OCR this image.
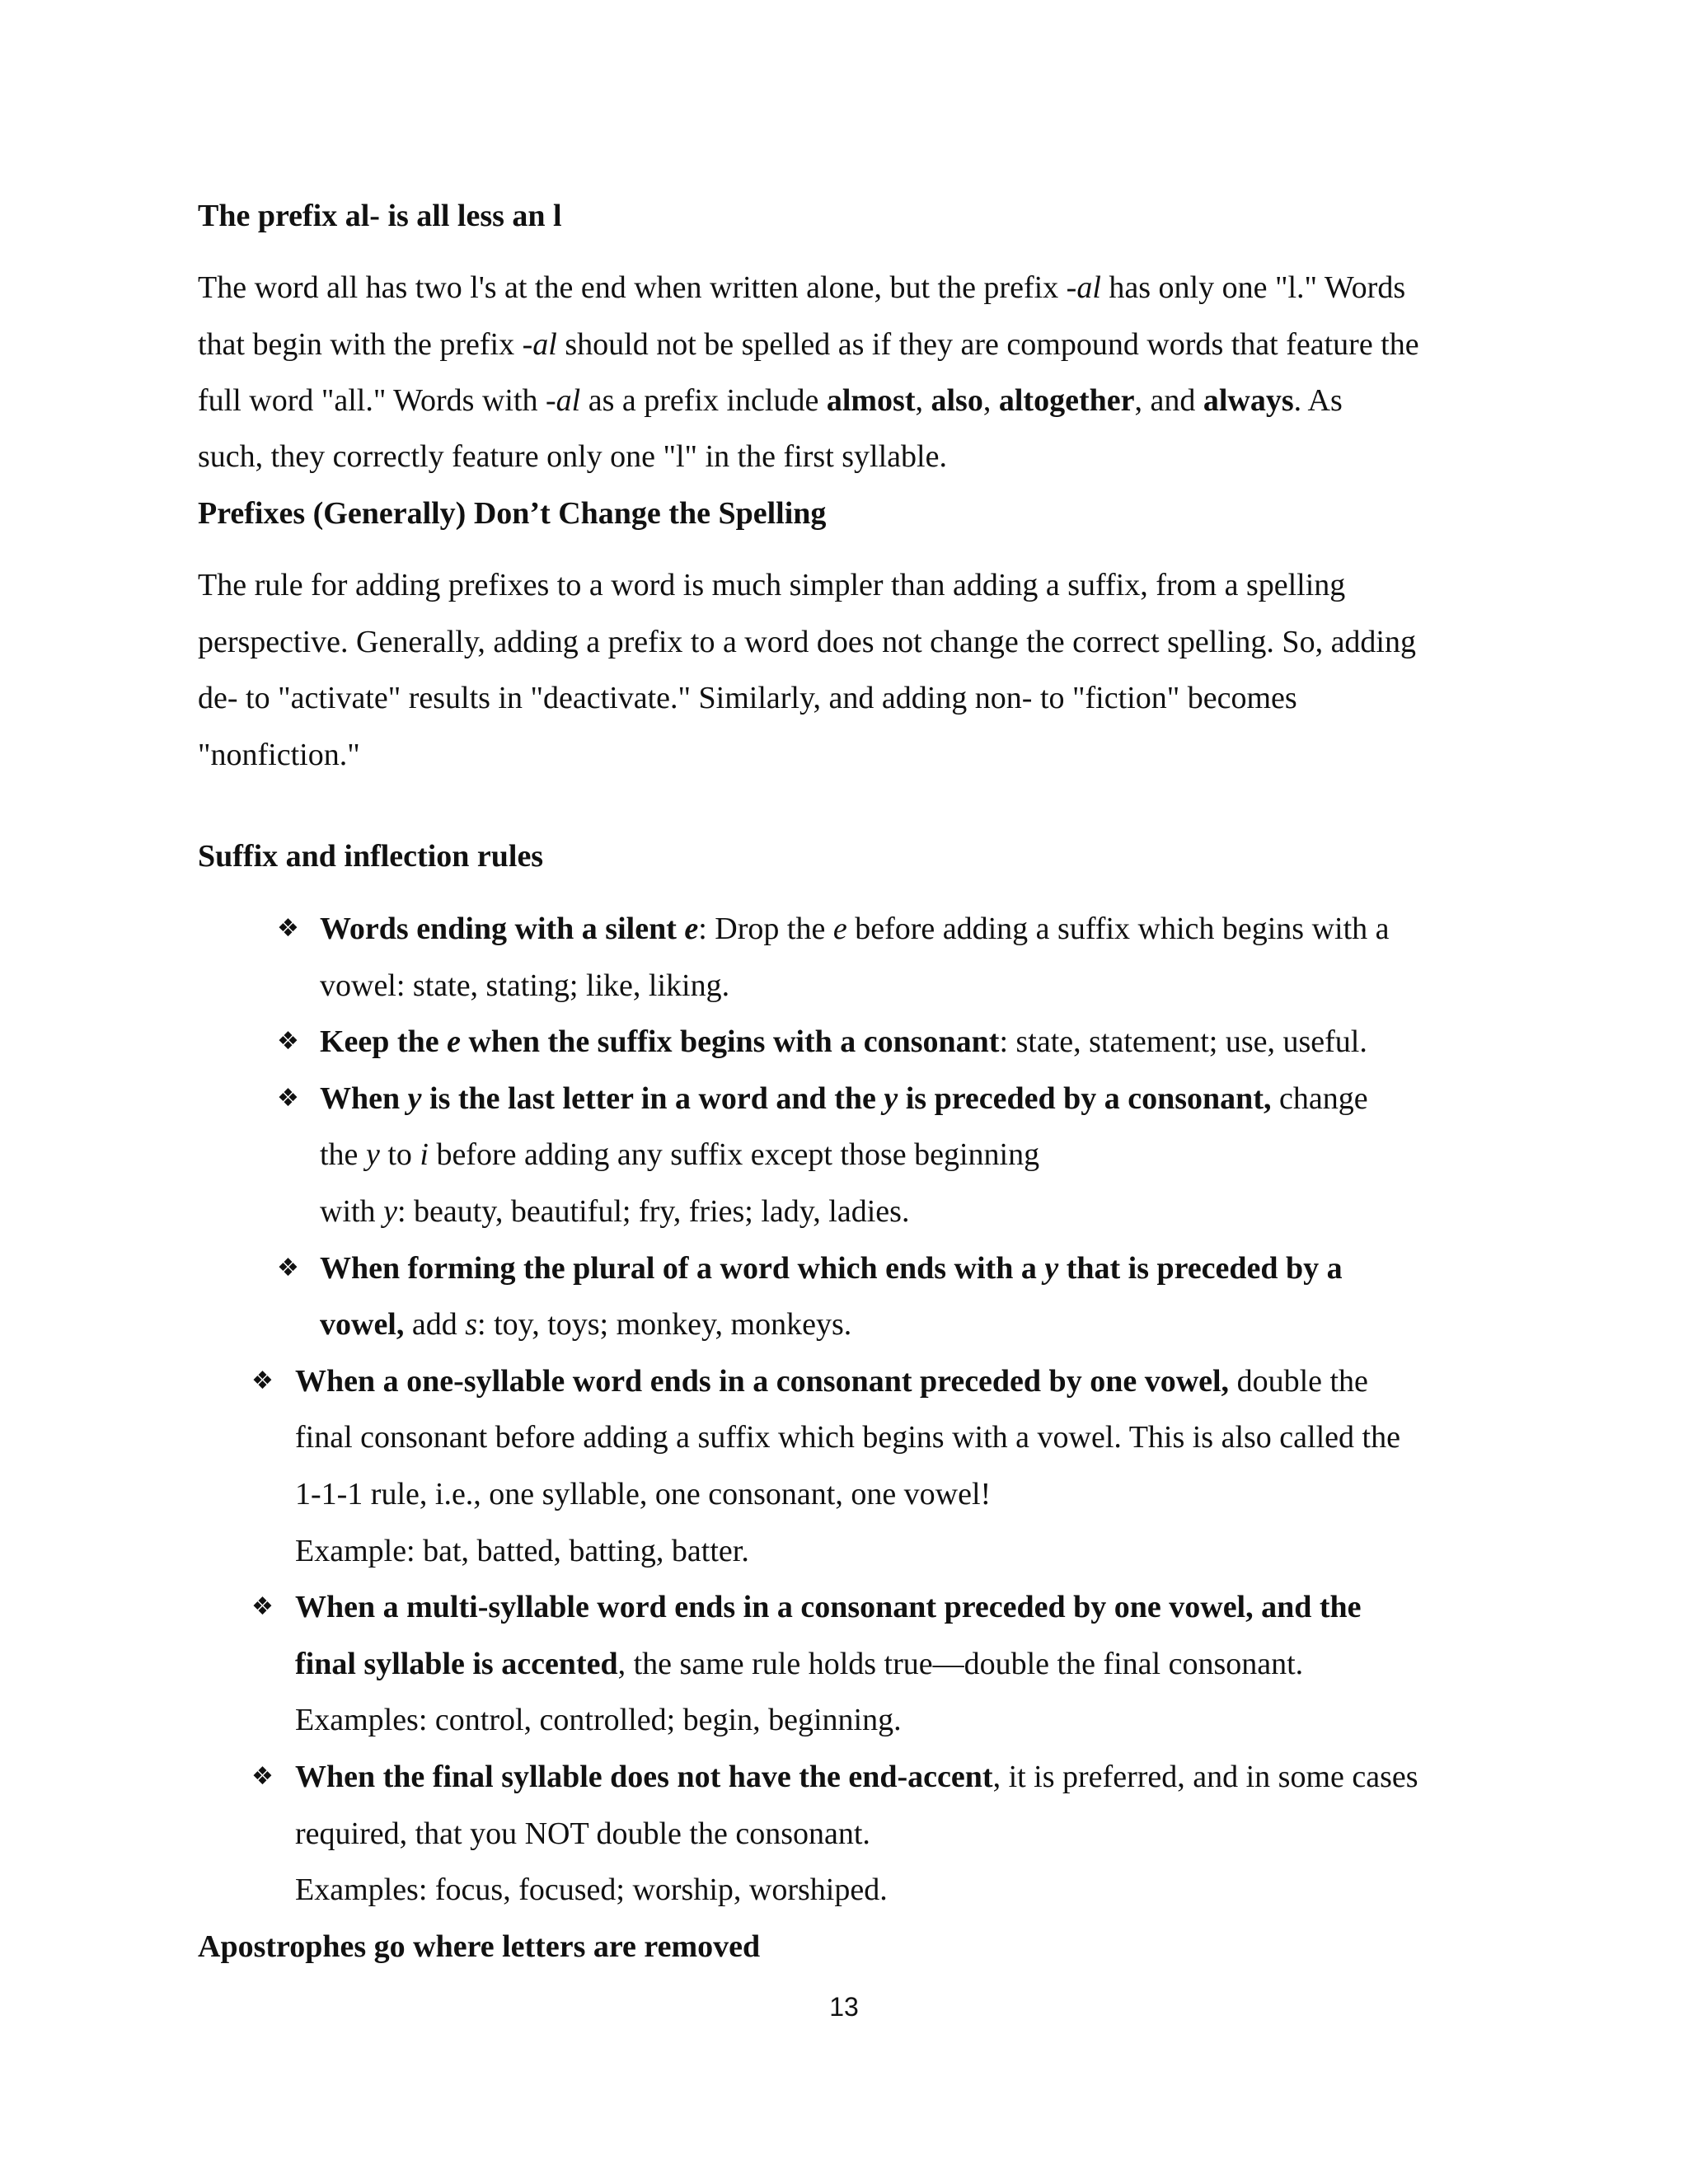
The prefix al- is all less an l
The word all has two l's at the end when written alone, but the prefix -al has only one "l." Words
that begin with the prefix -al should not be spelled as if they are compound words that feature the
full word "all." Words with -al as a prefix include almost, also, altogether, and always. As
such, they correctly feature only one "l" in the first syllable.
Prefixes (Generally) Don’t Change the Spelling
The rule for adding prefixes to a word is much simpler than adding a suffix, from a spelling
perspective. Generally, adding a prefix to a word does not change the correct spelling. So, adding
de- to "activate" results in "deactivate." Similarly, and adding non- to "fiction" becomes
"nonfiction."
Suffix and inflection rules
❖ Words ending with a silent e: Drop the e before adding a suffix which begins with a
vowel: state, stating; like, liking.
❖ Keep the e when the suffix begins with a consonant: state, statement; use, useful.
❖ When y is the last letter in a word and the y is preceded by a consonant, change
the y to i before adding any suffix except those beginning
with y: beauty, beautiful; fry, fries; lady, ladies.
❖ When forming the plural of a word which ends with a y that is preceded by a
vowel, add s: toy, toys; monkey, monkeys.
❖ When a one-syllable word ends in a consonant preceded by one vowel, double the
final consonant before adding a suffix which begins with a vowel. This is also called the
1-1-1 rule, i.e., one syllable, one consonant, one vowel!
Example: bat, batted, batting, batter.
❖ When a multi-syllable word ends in a consonant preceded by one vowel, and the
final syllable is accented, the same rule holds true—double the final consonant.
Examples: control, controlled; begin, beginning.
❖ When the final syllable does not have the end-accent, it is preferred, and in some cases
required, that you NOT double the consonant.
Examples: focus, focused; worship, worshiped.
Apostrophes go where letters are removed
13
